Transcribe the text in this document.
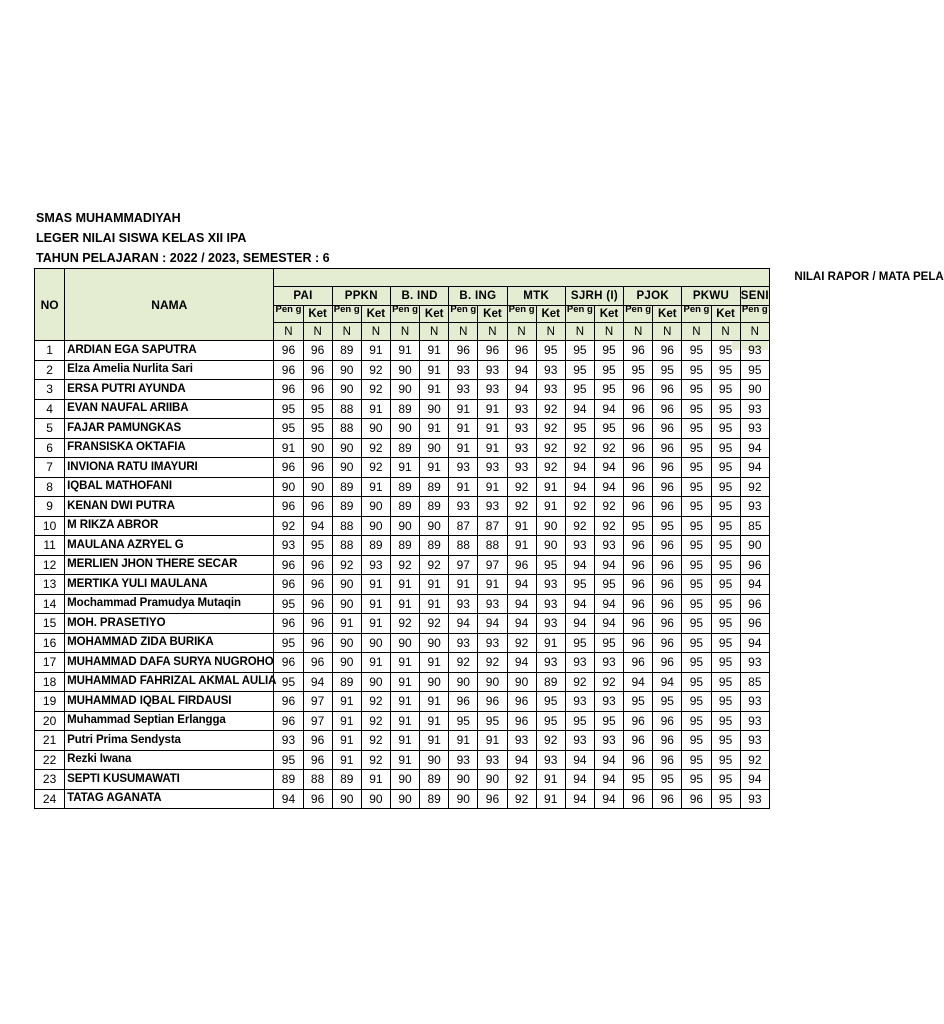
SMAS MUHAMMADIYAH
LEGER NILAI SISWA KELAS XII IPA
TAHUN PELAJARAN : 2022 / 2023, SEMESTER : 6
NO	NAMA	NILAI RAPOR / MATA PELA																

		PAI		PPKN		B. IND		B. ING		MTK		SJRH (I)		PJOK		PKWU		SENI

		Pen g	Ket	Pen g	Ket	Pen g	Ket	Pen g	Ket	Pen g	Ket	Pen g	Ket	Pen g	Ket	Pen g	Ket	Pen g

		N	N	N	N	N	N	N	N	N	N	N	N	N	N	N	N	N
1	ARDIAN EGA SAPUTRA	96	96	89	91	91	91	96	96	96	95	95	95	96	96	95	95	93
2	Elza Amelia Nurlita Sari	96	96	90	92	90	91	93	93	94	93	95	95	95	95	95	95	95
3	ERSA PUTRI AYUNDA	96	96	90	92	90	91	93	93	94	93	95	95	96	96	95	95	90
4	EVAN NAUFAL ARIIBA	95	95	88	91	89	90	91	91	93	92	94	94	96	96	95	95	93
5	FAJAR PAMUNGKAS	95	95	88	90	90	91	91	91	93	92	95	95	96	96	95	95	93
6	FRANSISKA OKTAFIA	91	90	90	92	89	90	91	91	93	92	92	92	96	96	95	95	94
7	INVIONA RATU IMAYURI	96	96	90	92	91	91	93	93	93	92	94	94	96	96	95	95	94
8	IQBAL MATHOFANI	90	90	89	91	89	89	91	91	92	91	94	94	96	96	95	95	92
9	KENAN DWI PUTRA	96	96	89	90	89	89	93	93	92	91	92	92	96	96	95	95	93
10	M RIKZA ABROR	92	94	88	90	90	90	87	87	91	90	92	92	95	95	95	95	85
11	MAULANA AZRYEL G	93	95	88	89	89	89	88	88	91	90	93	93	96	96	95	95	90
12	MERLIEN JHON THERE SECAR	96	96	92	93	92	92	97	97	96	95	94	94	96	96	95	95	96
13	MERTIKA YULI MAULANA	96	96	90	91	91	91	91	91	94	93	95	95	96	96	95	95	94
14	Mochammad Pramudya Mutaqin	95	96	90	91	91	91	93	93	94	93	94	94	96	96	95	95	96
15	MOH. PRASETIYO	96	96	91	91	92	92	94	94	94	93	94	94	96	96	95	95	96
16	MOHAMMAD ZIDA BURIKA	95	96	90	90	90	90	93	93	92	91	95	95	96	96	95	95	94
17	MUHAMMAD DAFA SURYA NUGROHO	96	96	90	91	91	91	92	92	94	93	93	93	96	96	95	95	93
18	MUHAMMAD FAHRIZAL AKMAL AULIA	95	94	89	90	91	90	90	90	90	89	92	92	94	94	95	95	85
19	MUHAMMAD IQBAL FIRDAUSI	96	97	91	92	91	91	96	96	96	95	93	93	95	95	95	95	93
20	Muhammad Septian Erlangga	96	97	91	92	91	91	95	95	96	95	95	95	96	96	95	95	93
21	Putri Prima Sendysta	93	96	91	92	91	91	91	91	93	92	93	93	96	96	95	95	93
22	Rezki Iwana	95	96	91	92	91	90	93	93	94	93	94	94	96	96	95	95	92
23	SEPTI KUSUMAWATI	89	88	89	91	90	89	90	90	92	91	94	94	95	95	95	95	94
24	TATAG AGANATA	94	96	90	90	90	89	90	96	92	91	94	94	96	96	96	95	93
